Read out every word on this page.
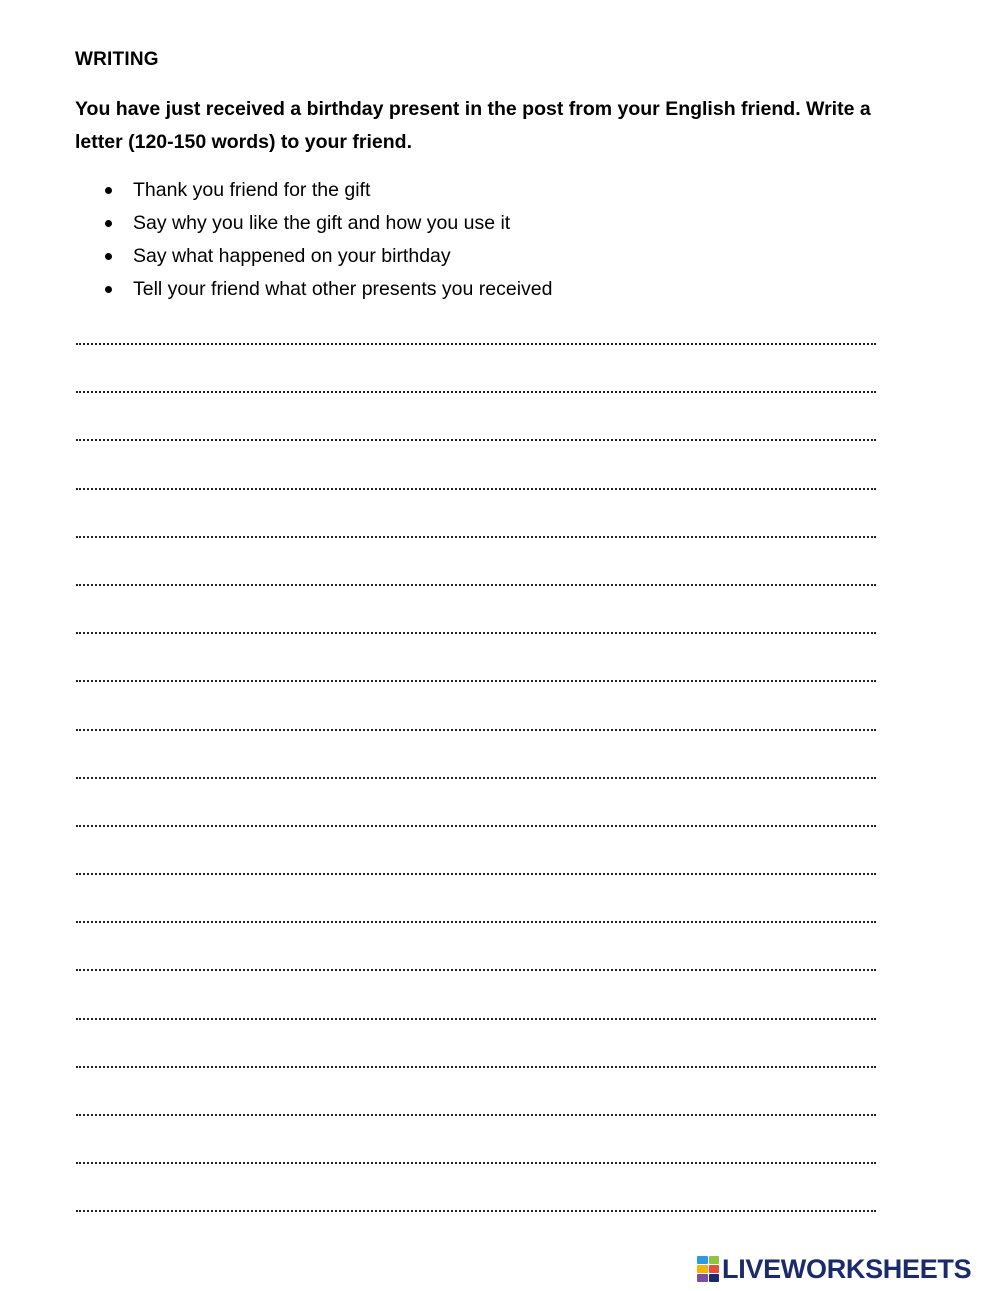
WRITING
You have just received a birthday present in the post from your English friend. Write a letter (120-150 words) to your friend.
Thank you friend for the gift
Say why you like the gift and how you use it
Say what happened on your birthday
Tell your friend what other presents you received
LIVEWORKSHEETS
